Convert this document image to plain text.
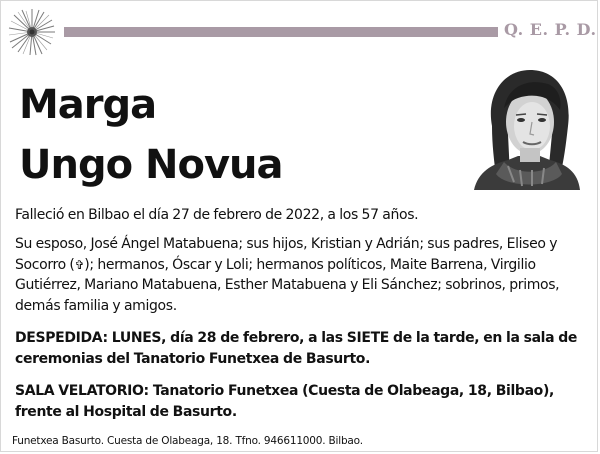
Q. E. P. D.
Marga
Ungo Novua
Falleció en Bilbao el día 27 de febrero de 2022, a los 57 años.
Su esposo, José Ángel Matabuena; sus hijos, Kristian y Adrián; sus padres, Eliseo y Socorro (✞); hermanos, Óscar y Loli; hermanos políticos, Maite Barrena, Virgilio Gutiérrez, Mariano Matabuena, Esther Matabuena y Eli Sánchez; sobrinos, primos, demás familia y amigos.
DESPEDIDA: LUNES, día 28 de febrero, a las SIETE de la tarde, en la sala de ceremonias del Tanatorio Funetxea de Basurto.
SALA VELATORIO: Tanatorio Funetxea (Cuesta de Olabeaga, 18, Bilbao), frente al Hospital de Basurto.
Funetxea Basurto. Cuesta de Olabeaga, 18. Tfno. 946611000. Bilbao.
